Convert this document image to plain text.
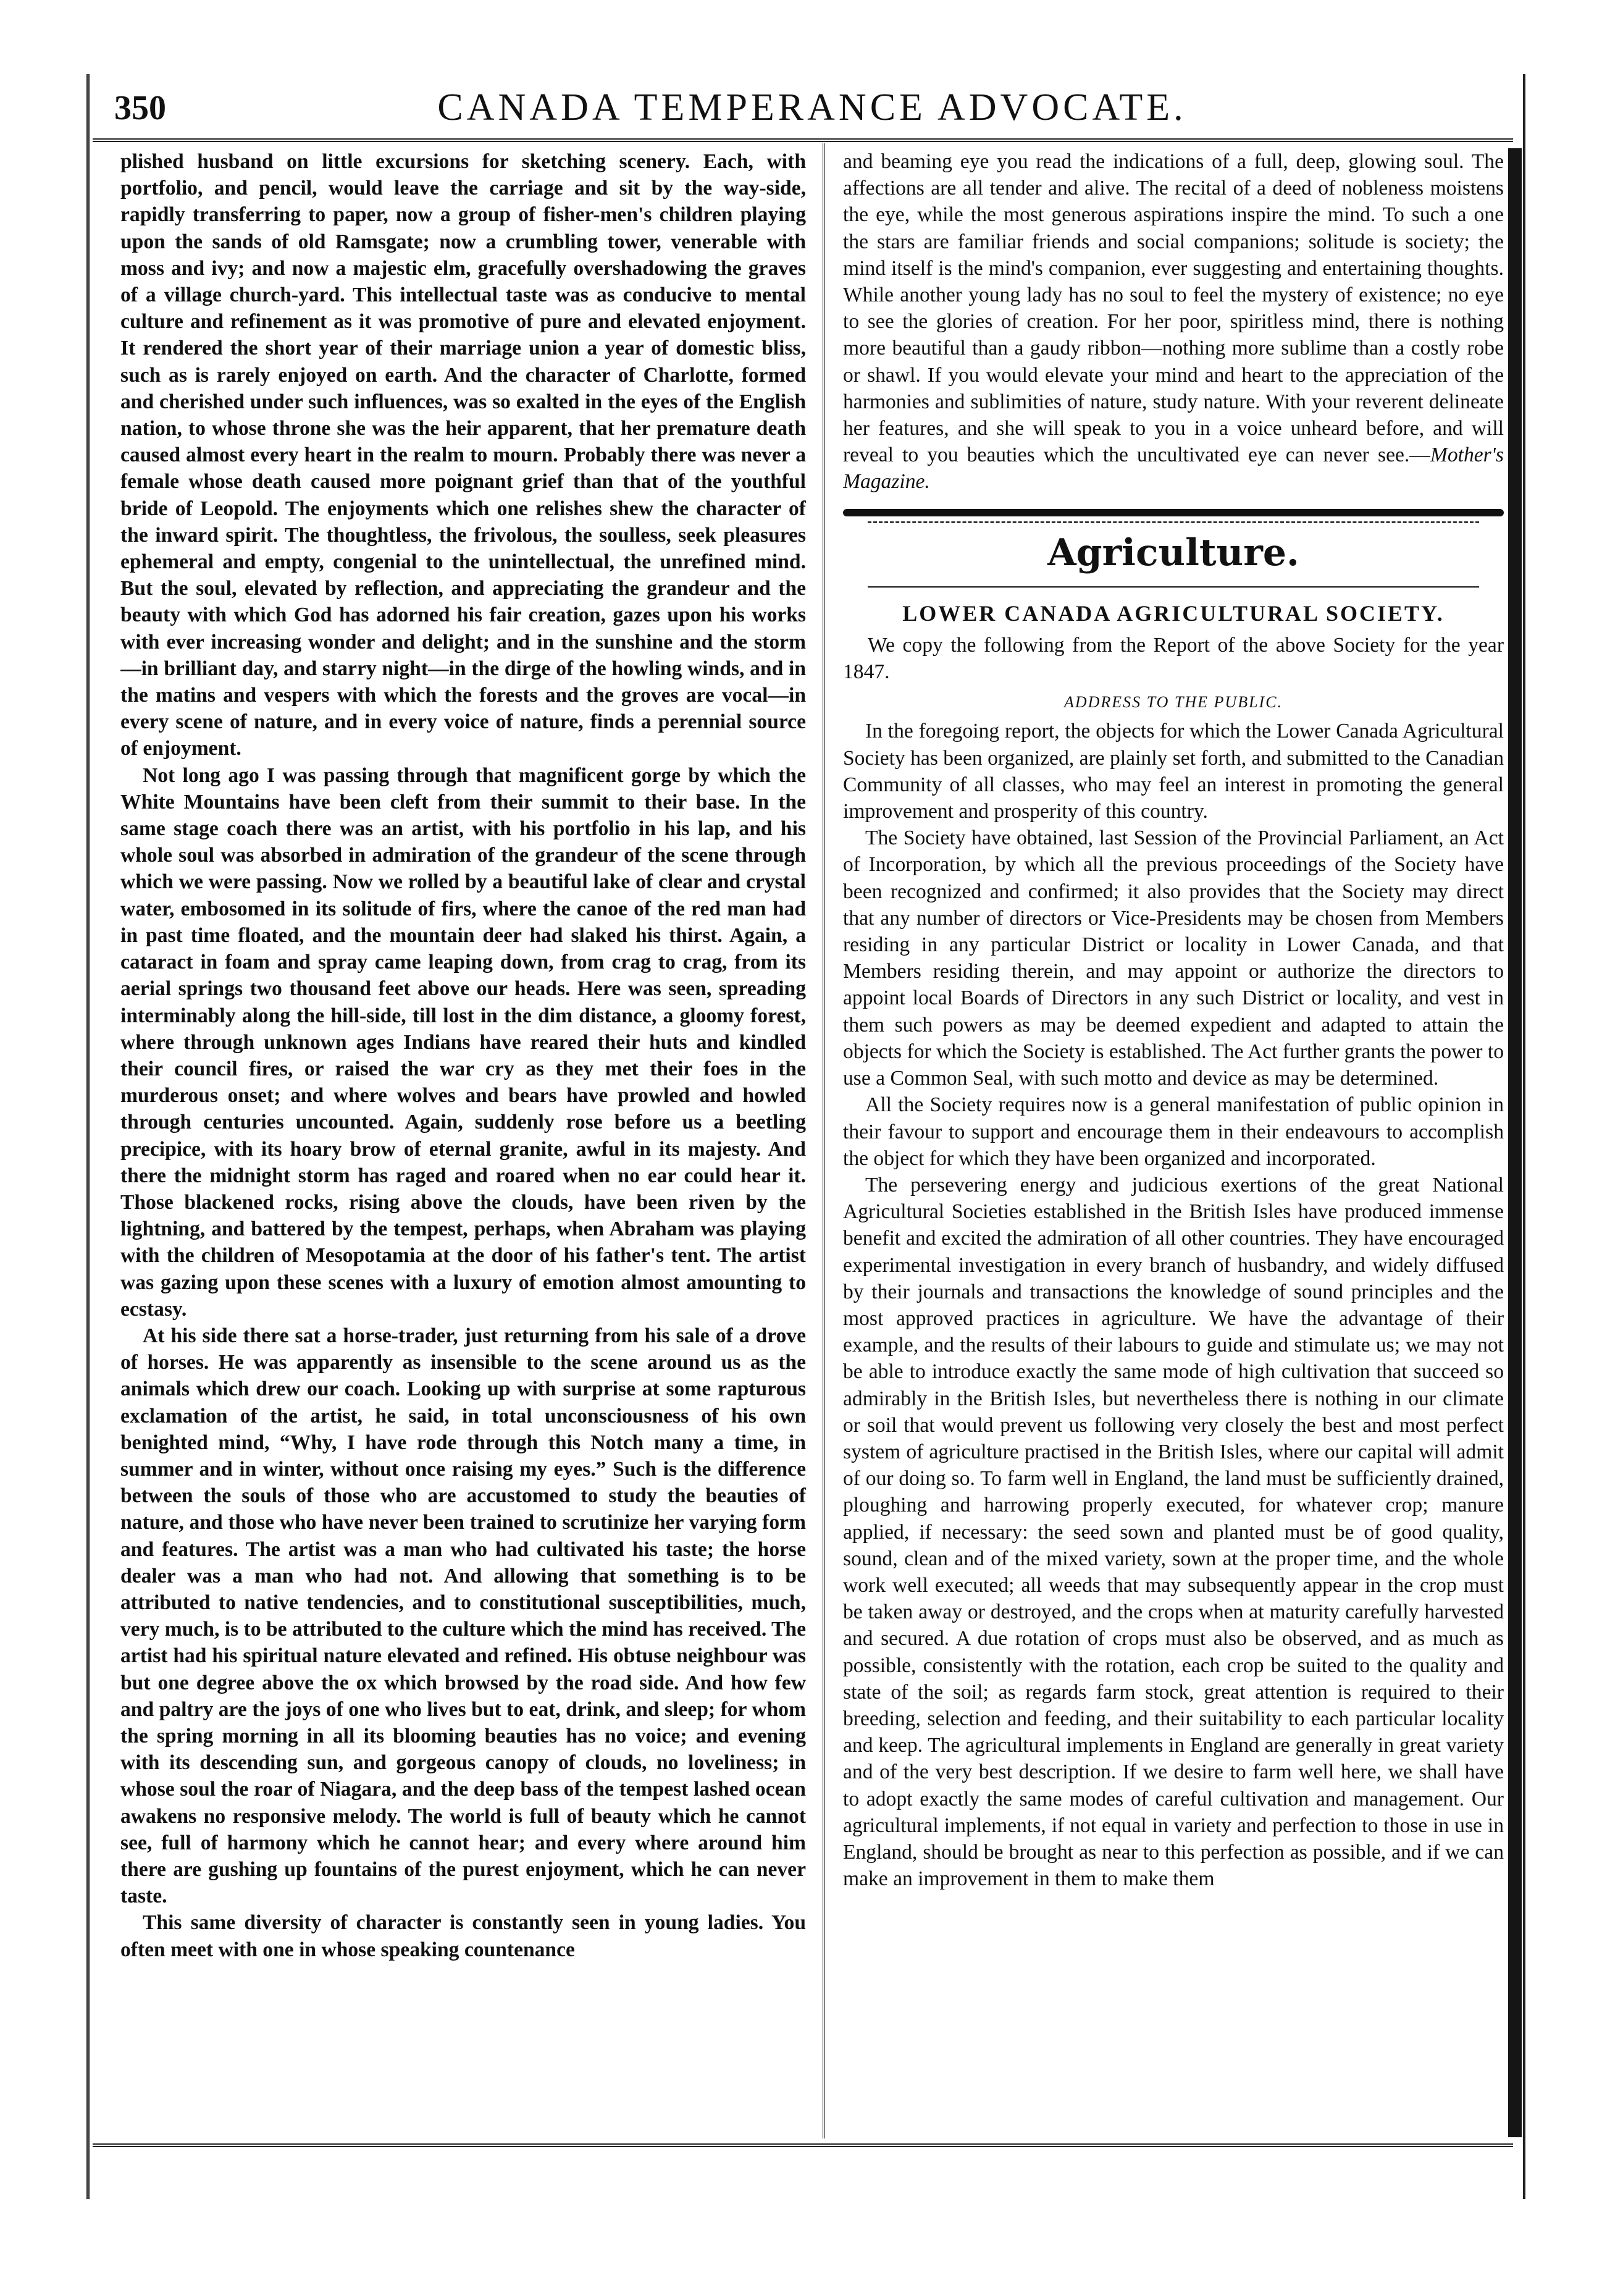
350	CANADA TEMPERANCE ADVOCATE.

plished husband on little excursions for sketching scenery. Each, with portfolio, and pencil, would leave the carriage and sit by the way-side, rapidly transferring to paper, now a group of fisher-men's children playing upon the sands of old Ramsgate; now a crumbling tower, venerable with moss and ivy; and now a majestic elm, gracefully overshadowing the graves of a village church-yard. This intellectual taste was as conducive to mental culture and refinement as it was promotive of pure and elevated enjoyment. It rendered the short year of their marriage union a year of domestic bliss, such as is rarely enjoyed on earth. And the character of Charlotte, formed and cherished under such influences, was so exalted in the eyes of the English nation, to whose throne she was the heir apparent, that her premature death caused almost every heart in the realm to mourn. Probably there was never a female whose death caused more poignant grief than that of the youthful bride of Leopold. The enjoyments which one relishes shew the character of the inward spirit. The thoughtless, the frivolous, the soulless, seek pleasures ephemeral and empty, congenial to the unintellectual, the unrefined mind. But the soul, elevated by reflection, and appreciating the grandeur and the beauty with which God has adorned his fair creation, gazes upon his works with ever increasing wonder and delight; and in the sunshine and the storm—in brilliant day, and starry night—in the dirge of the howling winds, and in the matins and vespers with which the forests and the groves are vocal—in every scene of nature, and in every voice of nature, finds a perennial source of enjoyment.

Not long ago I was passing through that magnificent gorge by which the White Mountains have been cleft from their summit to their base. In the same stage coach there was an artist, with his portfolio in his lap, and his whole soul was absorbed in admiration of the grandeur of the scene through which we were passing. Now we rolled by a beautiful lake of clear and crystal water, embosomed in its solitude of firs, where the canoe of the red man had in past time floated, and the mountain deer had slaked his thirst. Again, a cataract in foam and spray came leaping down, from crag to crag, from its aerial springs two thousand feet above our heads. Here was seen, spreading interminably along the hill-side, till lost in the dim distance, a gloomy forest, where through unknown ages Indians have reared their huts and kindled their council fires, or raised the war cry as they met their foes in the murderous onset; and where wolves and bears have prowled and howled through centuries uncounted. Again, suddenly rose before us a beetling precipice, with its hoary brow of eternal granite, awful in its majesty. And there the midnight storm has raged and roared when no ear could hear it. Those blackened rocks, rising above the clouds, have been riven by the lightning, and battered by the tempest, perhaps, when Abraham was playing with the children of Mesopotamia at the door of his father's tent. The artist was gazing upon these scenes with a luxury of emotion almost amounting to ecstasy.

At his side there sat a horse-trader, just returning from his sale of a drove of horses. He was apparently as insensible to the scene around us as the animals which drew our coach. Looking up with surprise at some rapturous exclamation of the artist, he said, in total unconsciousness of his own benighted mind, “Why, I have rode through this Notch many a time, in summer and in winter, without once raising my eyes.” Such is the difference between the souls of those who are accustomed to study the beauties of nature, and those who have never been trained to scrutinize her varying form and features. The artist was a man who had cultivated his taste; the horse dealer was a man who had not. And allowing that something is to be attributed to native tendencies, and to constitutional susceptibilities, much, very much, is to be attributed to the culture which the mind has received. The artist had his spiritual nature elevated and refined. His obtuse neighbour was but one degree above the ox which browsed by the road side. And how few and paltry are the joys of one who lives but to eat, drink, and sleep; for whom the spring morning in all its blooming beauties has no voice; and evening with its descending sun, and gorgeous canopy of clouds, no loveliness; in whose soul the roar of Niagara, and the deep bass of the tempest lashed ocean awakens no responsive melody. The world is full of beauty which he cannot see, full of harmony which he cannot hear; and every where around him there are gushing up fountains of the purest enjoyment, which he can never taste.

This same diversity of character is constantly seen in young ladies. You often meet with one in whose speaking countenance

and beaming eye you read the indications of a full, deep, glowing soul. The affections are all tender and alive. The recital of a deed of nobleness moistens the eye, while the most generous aspirations inspire the mind. To such a one the stars are familiar friends and social companions; solitude is society; the mind itself is the mind's companion, ever suggesting and entertaining thoughts. While another young lady has no soul to feel the mystery of existence; no eye to see the glories of creation. For her poor, spiritless mind, there is nothing more beautiful than a gaudy ribbon—nothing more sublime than a costly robe or shawl. If you would elevate your mind and heart to the appreciation of the harmonies and sublimities of nature, study nature. With your reverent delineate her features, and she will speak to you in a voice unheard before, and will reveal to you beauties which the uncultivated eye can never see.—Mother's Magazine.

Agriculture.
LOWER CANADA AGRICULTURAL SOCIETY.

We copy the following from the Report of the above Society for the year 1847.

ADDRESS TO THE PUBLIC.

In the foregoing report, the objects for which the Lower Canada Agricultural Society has been organized, are plainly set forth, and submitted to the Canadian Community of all classes, who may feel an interest in promoting the general improvement and prosperity of this country.

The Society have obtained, last Session of the Provincial Parliament, an Act of Incorporation, by which all the previous proceedings of the Society have been recognized and confirmed; it also provides that the Society may direct that any number of directors or Vice-Presidents may be chosen from Members residing in any particular District or locality in Lower Canada, and that Members residing therein, and may appoint or authorize the directors to appoint local Boards of Directors in any such District or locality, and vest in them such powers as may be deemed expedient and adapted to attain the objects for which the Society is established. The Act further grants the power to use a Common Seal, with such motto and device as may be determined.

All the Society requires now is a general manifestation of public opinion in their favour to support and encourage them in their endeavours to accomplish the object for which they have been organized and incorporated.

The persevering energy and judicious exertions of the great National Agricultural Societies established in the British Isles have produced immense benefit and excited the admiration of all other countries. They have encouraged experimental investigation in every branch of husbandry, and widely diffused by their journals and transactions the knowledge of sound principles and the most approved practices in agriculture. We have the advantage of their example, and the results of their labours to guide and stimulate us; we may not be able to introduce exactly the same mode of high cultivation that succeed so admirably in the British Isles, but nevertheless there is nothing in our climate or soil that would prevent us following very closely the best and most perfect system of agriculture practised in the British Isles, where our capital will admit of our doing so. To farm well in England, the land must be sufficiently drained, ploughing and harrowing properly executed, for whatever crop; manure applied, if necessary: the seed sown and planted must be of good quality, sound, clean and of the mixed variety, sown at the proper time, and the whole work well executed; all weeds that may subsequently appear in the crop must be taken away or destroyed, and the crops when at maturity carefully harvested and secured. A due rotation of crops must also be observed, and as much as possible, consistently with the rotation, each crop be suited to the quality and state of the soil; as regards farm stock, great attention is required to their breeding, selection and feeding, and their suitability to each particular locality and keep. The agricultural implements in England are generally in great variety and of the very best description. If we desire to farm well here, we shall have to adopt exactly the same modes of careful cultivation and management. Our agricultural implements, if not equal in variety and perfection to those in use in England, should be brought as near to this perfection as possible, and if we can make an improvement in them to make them
